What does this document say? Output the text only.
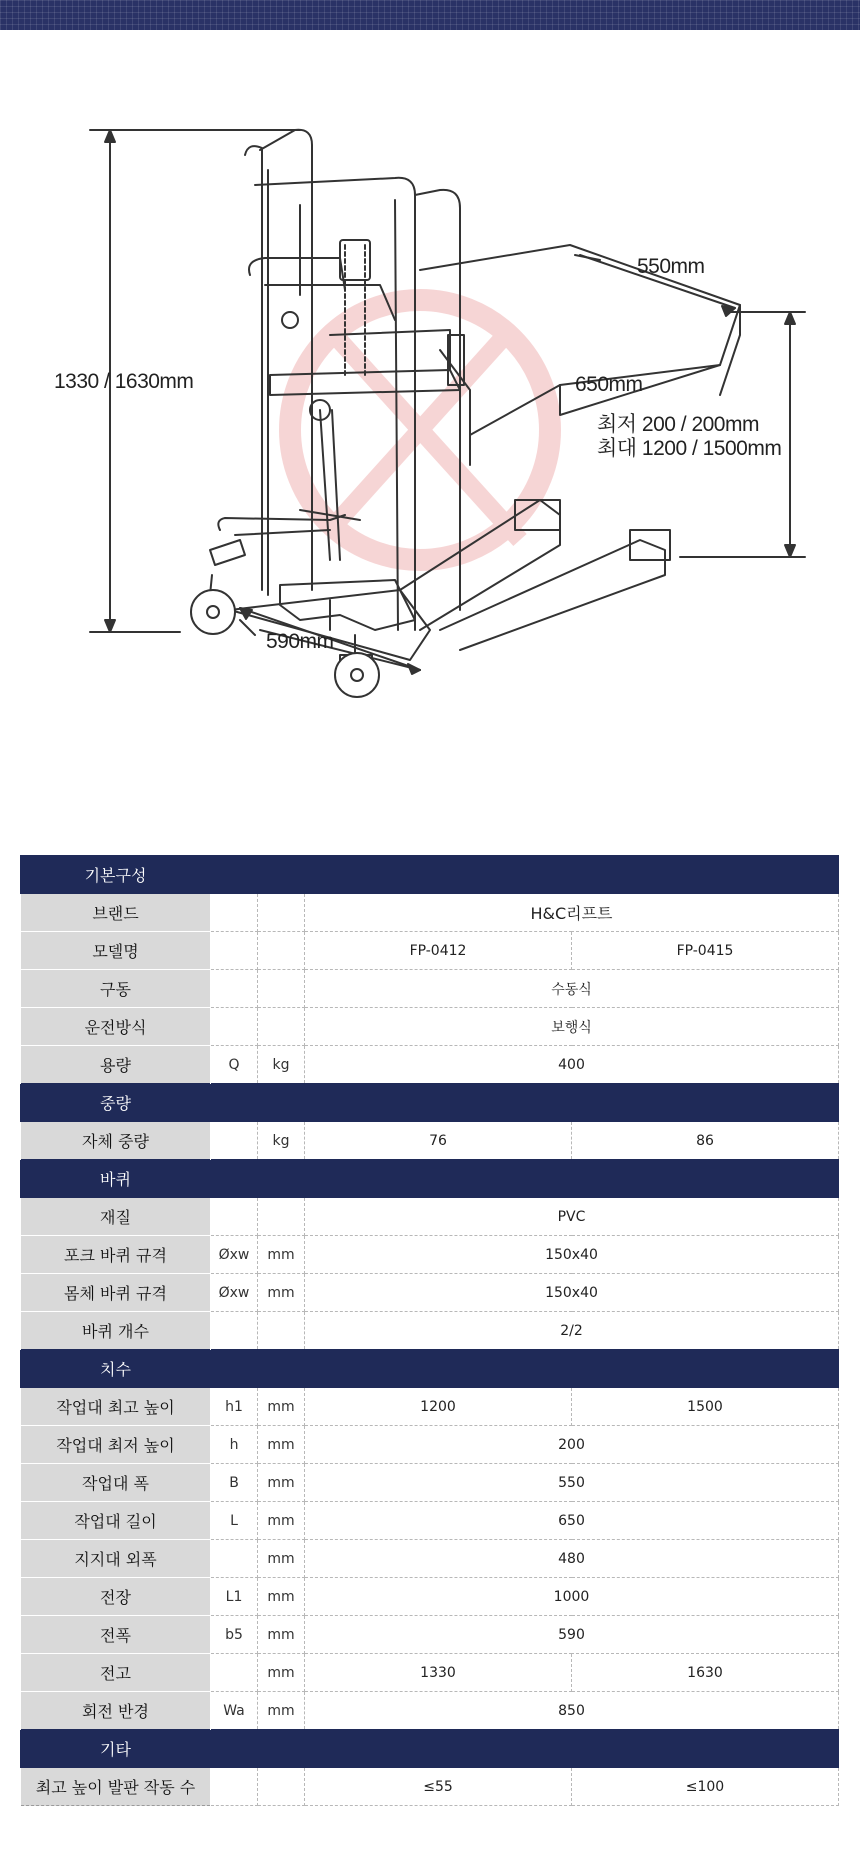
1330 / 1630mm
550mm
650mm
최저 200 / 200mm
최대 1200 / 1500mm
590mm
기본구성				
브랜드			H&C리프트	
모델명			FP-0412	FP-0415
구동			수동식	
운전방식			보행식	
용량	Q	kg	400	
중량				
자체 중량		kg	76	86
바퀴				
재질			PVC	
포크 바퀴 규격	Øxw	mm	150x40	
몸체 바퀴 규격	Øxw	mm	150x40	
바퀴 개수			2/2	
치수				
작업대 최고 높이	h1	mm	1200	1500
작업대 최저 높이	h	mm	200	
작업대 폭	B	mm	550	
작업대 길이	L	mm	650	
지지대 외폭		mm	480	
전장	L1	mm	1000	
전폭	b5	mm	590	
전고		mm	1330	1630
회전 반경	Wa	mm	850	
기타				
최고 높이 발판 작동 수			≤55	≤100
